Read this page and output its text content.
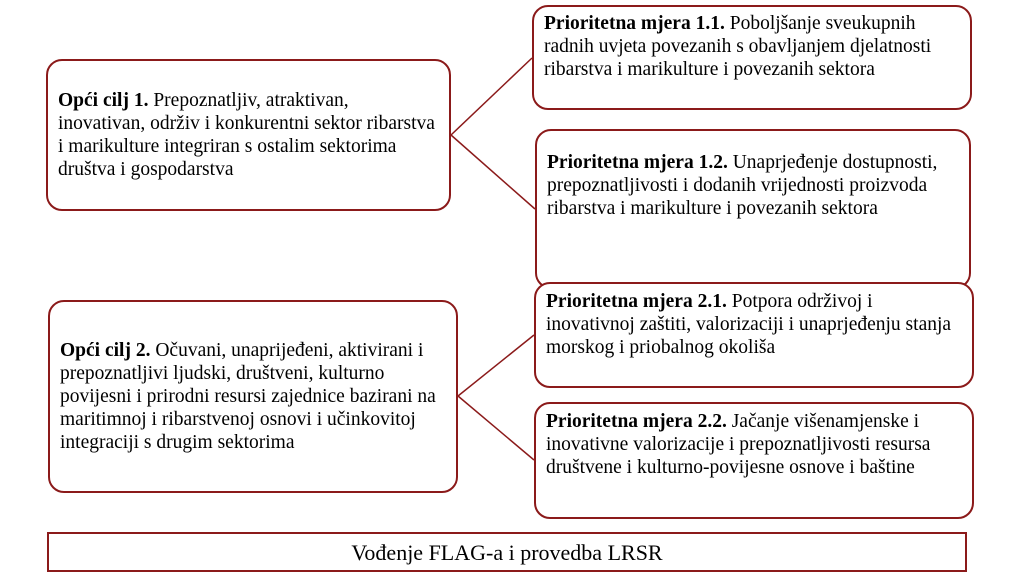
Opći cilj 1. Prepoznatljiv, atraktivan, inovativan, održiv i konkurentni sektor ribarstva i marikulture integriran s ostalim sektorima društva i gospodarstva
Prioritetna mjera 1.1. Poboljšanje sveukupnih radnih uvjeta povezanih s obavljanjem djelatnosti ribarstva i marikulture i povezanih sektora
Prioritetna mjera 1.2. Unaprjeđenje dostupnosti, prepoznatljivosti i dodanih vrijednosti proizvoda ribarstva i marikulture i povezanih sektora
Opći cilj 2. Očuvani, unaprijeđeni, aktivirani i prepoznatljivi ljudski, društveni, kulturno povijesni i prirodni resursi zajednice bazirani na maritimnoj i ribarstvenoj osnovi i učinkovitoj integraciji s drugim sektorima
Prioritetna mjera 2.1. Potpora održivoj i inovativnoj zaštiti, valorizaciji i unaprjeđenju stanja morskog i priobalnog okoliša
Prioritetna mjera 2.2. Jačanje višenamjenske i inovativne valorizacije i prepoznatljivosti resursa društvene i kulturno-povijesne osnove i baštine
Vođenje FLAG-a i provedba LRSR
